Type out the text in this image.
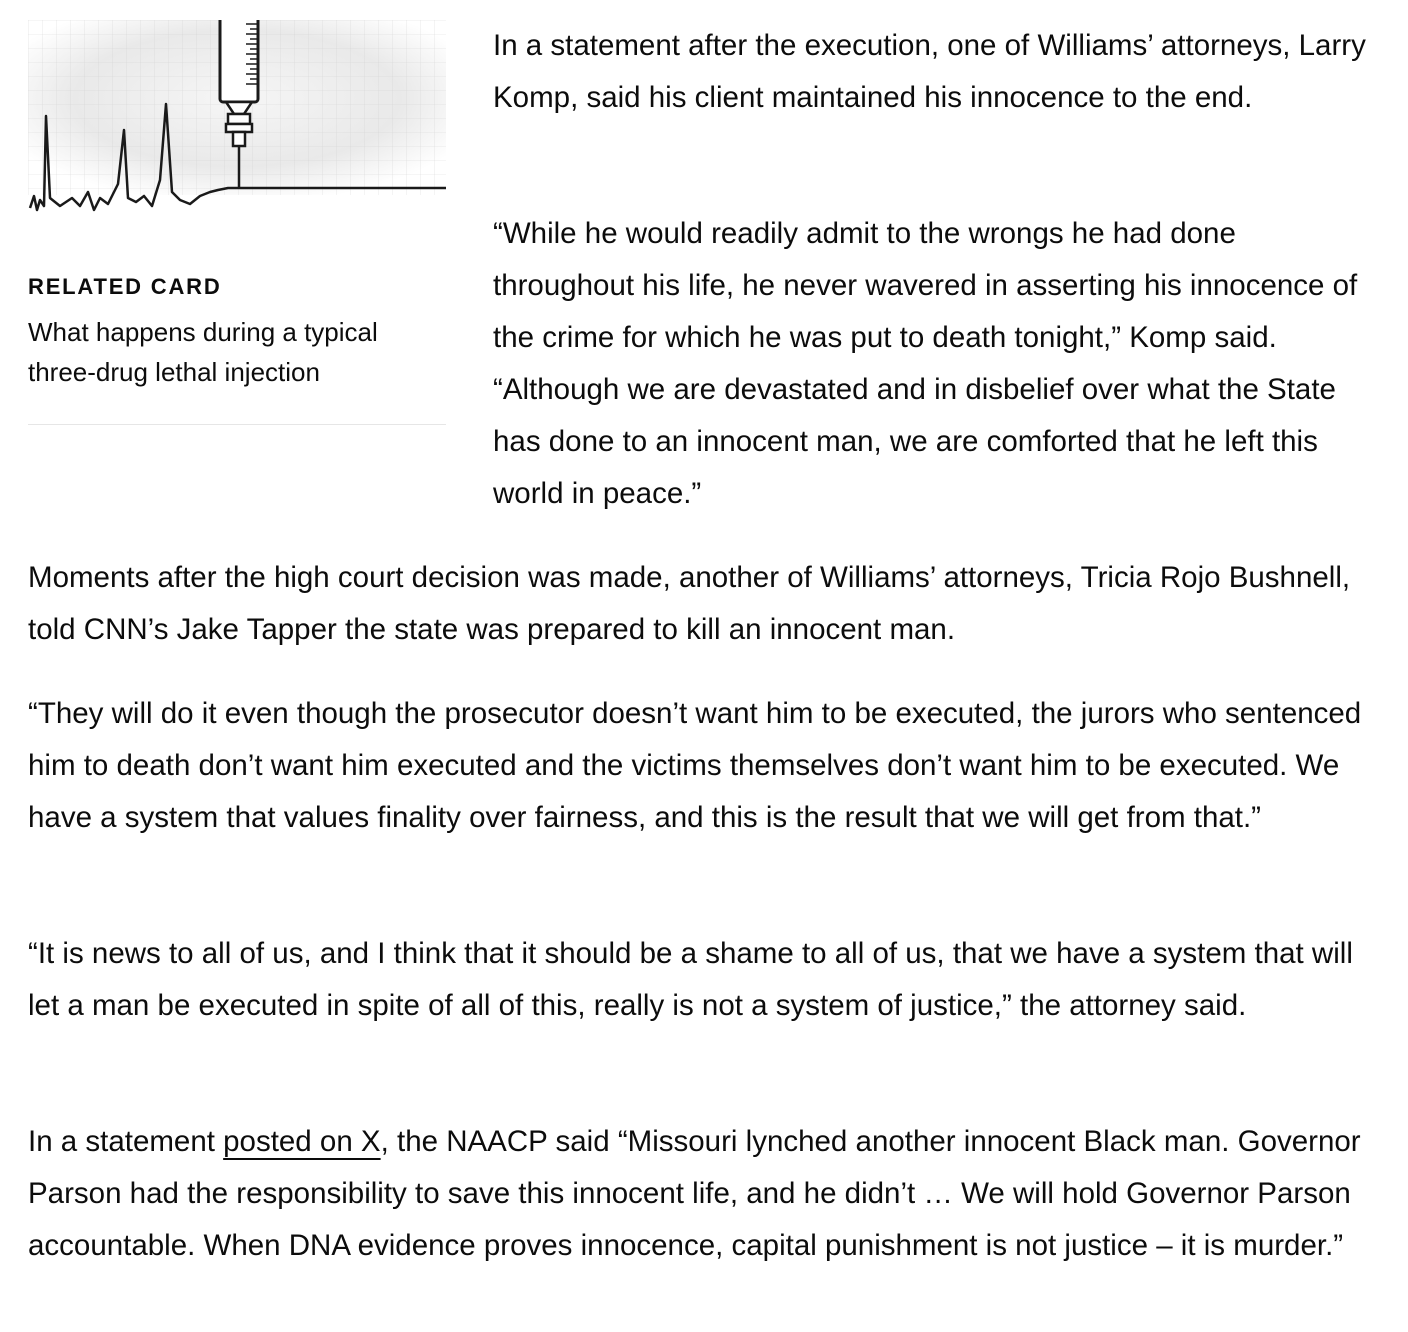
RELATED CARD
What happens during a typical three-drug lethal injection

In a statement after the execution, one of Williams’ attorneys, Larry Komp, said his client maintained his innocence to the end.

“While he would readily admit to the wrongs he had done throughout his life, he never wavered in asserting his innocence of the crime for which he was put to death tonight,” Komp said. “Although we are devastated and in disbelief over what the State has done to an innocent man, we are comforted that he left this world in peace.”

Moments after the high court decision was made, another of Williams’ attorneys, Tricia Rojo Bushnell, told CNN’s Jake Tapper the state was prepared to kill an innocent man.

“They will do it even though the prosecutor doesn’t want him to be executed, the jurors who sentenced him to death don’t want him executed and the victims themselves don’t want him to be executed. We have a system that values finality over fairness, and this is the result that we will get from that.”

“It is news to all of us, and I think that it should be a shame to all of us, that we have a system that will let a man be executed in spite of all of this, really is not a system of justice,” the attorney said.

In a statement posted on X, the NAACP said “Missouri lynched another innocent Black man. Governor Parson had the responsibility to save this innocent life, and he didn’t … We will hold Governor Parson accountable. When DNA evidence proves innocence, capital punishment is not justice – it is murder.”
